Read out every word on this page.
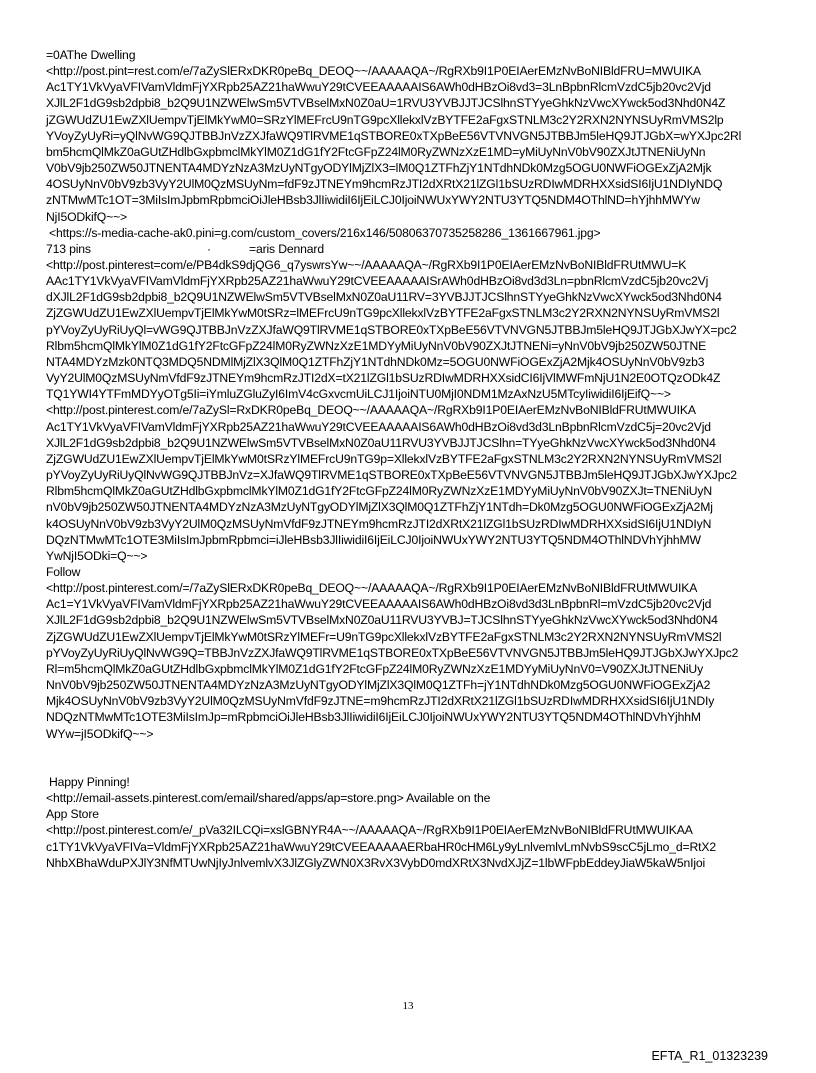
=0AThe Dwelling
<http://post.pint=rest.com/e/7aZySlERxDKR0peBq_DEOQ~~/AAAAAQA~/RgRXb9I1P0EIAerEMzNvBoNIBldFRU=MWUIKA
Ac1TY1VkVyaVFIVamVldmFjYXRpb25AZ21haWwuY29tCVEEAAAAAIS6AWh0dHBzOi8vd3=3LnBpbnRlcmVzdC5jb20vc2Vjd
XJlL2F1dG9sb2dpbi8_b2Q9U1NZWElwSm5VTVBselMxN0Z0aU=1RVU3YVBJJTJCSlhnSTYyeGhkNzVwcXYwck5od3Nhd0N4Z
jZGWUdZU1EwZXlUempvTjElMkYwM0=SRzYlMEFrcU9nTG9pcXllekxlVzBYTFE2aFgxSTNLM3c2Y2RXN2NYNSUyRmVMS2lp
YVoyZyUyRi=yQlNvWG9QJTBBJnVzZXJfaWQ9TlRVME1qSTBORE0xTXpBeE56VTVNVGN5JTBBJm5leHQ9JTJGbX=wYXJpc2Rl
bm5hcmQlMkZ0aGUtZHdlbGxpbmclMkYlM0Z1dG1fY2FtcGFpZ24lM0RyZWNzXzE1MD=yMiUyNnV0bV90ZXJtJTNENiUyNn
V0bV9jb250ZW50JTNENTA4MDYzNzA3MzUyNTgyODYlMjZlX3=lM0Q1ZTFhZjY1NTdhNDk0Mzg5OGU0NWFiOGExZjA2Mjk
4OSUyNnV0bV9zb3VyY2UlM0QzMSUyNm=fdF9zJTNEYm9hcmRzJTI2dXRtX21lZGl1bSUzRDIwMDRHXXsidSI6IjU1NDIyNDQ
zNTMwMTc1OT=3MiIsImJpbmRpbmciOiJleHBsb3JlIiwidiI6IjEiLCJ0IjoiNWUxYWY2NTU3YTQ5NDM4OThlND=hYjhhMWYw
NjI5ODkifQ~~>
<https://s-media-cache-ak0.pini=g.com/custom_covers/216x146/50806370735258286_1361667961.jpg>
713 pins	·	=aris Dennard
<http://post.pinterest=com/e/PB4dkS9djQG6_q7yswrsYw~~/AAAAAQA~/RgRXb9I1P0EIAerEMzNvBoNIBldFRUtMWU=K
AAc1TY1VkVyaVFIVamVldmFjYXRpb25AZ21haWwuY29tCVEEAAAAAISrAWh0dHBzOi8vd3d3Ln=pbnRlcmVzdC5jb20vc2Vj
dXJlL2F1dG9sb2dpbi8_b2Q9U1NZWElwSm5VTVBselMxN0Z0aU11RV=3YVBJJTJCSlhnSTYyeGhkNzVwcXYwck5od3Nhd0N4
ZjZGWUdZU1EwZXlUempvTjElMkYwM0tSRz=lMEFrcU9nTG9pcXllekxlVzBYTFE2aFgxSTNLM3c2Y2RXN2NYNSUyRmVMS2l
pYVoyZyUyRiUyQl=vWG9QJTBBJnVzZXJfaWQ9TlRVME1qSTBORE0xTXpBeE56VTVNVGN5JTBBJm5leHQ9JTJGbXJwYX=pc2
Rlbm5hcmQlMkYlM0Z1dG1fY2FtcGFpZ24lM0RyZWNzXzE1MDYyMiUyNnV0bV90ZXJtJTNENi=yNnV0bV9jb250ZW50JTNE
NTA4MDYzMzk0NTQ3MDQ5NDMlMjZlX3QlM0Q1ZTFhZjY1NTdhNDk0Mz=5OGU0NWFiOGExZjA2Mjk4OSUyNnV0bV9zb3
VyY2UlM0QzMSUyNmVfdF9zJTNEYm9hcmRzJTI2dX=tX21lZGl1bSUzRDIwMDRHXXsidCI6IjVlMWFmNjU1N2E0OTQzODk4Z
TQ1YWI4YTFmMDYyOTg5Ii=iYmluZGluZyI6ImV4cGxvcmUiLCJ1IjoiNTU0MjI0NDM1MzAxNzU5MTcyIiwidiI6IjEifQ~~>
<http://post.pinterest.com/e/7aZySl=RxDKR0peBq_DEOQ~~/AAAAAQA~/RgRXb9I1P0EIAerEMzNvBoNIBldFRUtMWUIKA
Ac1TY1VkVyaVFIVamVldmFjYXRpb25AZ21haWwuY29tCVEEAAAAAIS6AWh0dHBzOi8vd3d3LnBpbnRlcmVzdC5j=20vc2Vjd
XJlL2F1dG9sb2dpbi8_b2Q9U1NZWElwSm5VTVBselMxN0Z0aU11RVU3YVBJJTJCSlhn=TYyeGhkNzVwcXYwck5od3Nhd0N4
ZjZGWUdZU1EwZXlUempvTjElMkYwM0tSRzYlMEFrcU9nTG9p=XllekxlVzBYTFE2aFgxSTNLM3c2Y2RXN2NYNSUyRmVMS2l
pYVoyZyUyRiUyQlNvWG9QJTBBJnVz=XJfaWQ9TlRVME1qSTBORE0xTXpBeE56VTVNVGN5JTBBJm5leHQ9JTJGbXJwYXJpc2
Rlbm5hcmQlMkZ0aGUtZHdlbGxpbmclMkYlM0Z1dG1fY2FtcGFpZ24lM0RyZWNzXzE1MDYyMiUyNnV0bV90ZXJt=TNENiUyN
nV0bV9jb250ZW50JTNENTA4MDYzNzA3MzUyNTgyODYlMjZlX3QlM0Q1ZTFhZjY1NTdh=Dk0Mzg5OGU0NWFiOGExZjA2Mj
k4OSUyNnV0bV9zb3VyY2UlM0QzMSUyNmVfdF9zJTNEYm9hcmRzJTI2dXRtX21lZGl1bSUzRDIwMDRHXXsidSI6IjU1NDIyN
DQzNTMwMTc1OTE3MiIsImJpbmRpbmci=iJleHBsb3JlIiwidiI6IjEiLCJ0IjoiNWUxYWY2NTU3YTQ5NDM4OThlNDVhYjhhMW
YwNjI5ODki=Q~~>
Follow
<http://post.pinterest.com/=/7aZySlERxDKR0peBq_DEOQ~~/AAAAAQA~/RgRXb9I1P0EIAerEMzNvBoNIBldFRUtMWUIKA
Ac1=Y1VkVyaVFIVamVldmFjYXRpb25AZ21haWwuY29tCVEEAAAAAIS6AWh0dHBzOi8vd3d3LnBpbnRl=mVzdC5jb20vc2Vjd
XJlL2F1dG9sb2dpbi8_b2Q9U1NZWElwSm5VTVBselMxN0Z0aU11RVU3YVBJ=TJCSlhnSTYyeGhkNzVwcXYwck5od3Nhd0N4
ZjZGWUdZU1EwZXlUempvTjElMkYwM0tSRzYlMEFr=U9nTG9pcXllekxlVzBYTFE2aFgxSTNLM3c2Y2RXN2NYNSUyRmVMS2l
pYVoyZyUyRiUyQlNvWG9Q=TBBJnVzZXJfaWQ9TlRVME1qSTBORE0xTXpBeE56VTVNVGN5JTBBJm5leHQ9JTJGbXJwYXJpc2
Rl=m5hcmQlMkZ0aGUtZHdlbGxpbmclMkYlM0Z1dG1fY2FtcGFpZ24lM0RyZWNzXzE1MDYyMiUyNnV0=V90ZXJtJTNENiUy
NnV0bV9jb250ZW50JTNENTA4MDYzNzA3MzUyNTgyODYlMjZlX3QlM0Q1ZTFh=jY1NTdhNDk0Mzg5OGU0NWFiOGExZjA2
Mjk4OSUyNnV0bV9zb3VyY2UlM0QzMSUyNmVfdF9zJTNE=m9hcmRzJTI2dXRtX21lZGl1bSUzRDIwMDRHXXsidSI6IjU1NDIy
NDQzNTMwMTc1OTE3MiIsImJp=mRpbmciOiJleHBsb3JlIiwidiI6IjEiLCJ0IjoiNWUxYWY2NTU3YTQ5NDM4OThlNDVhYjhhM
WYw=jI5ODkifQ~~>
Happy Pinning!
<http://email-assets.pinterest.com/email/shared/apps/ap=store.png> Available on the
App Store
<http://post.pinterest.com/e/_pVa32ILCQi=xslGBNYR4A~~/AAAAAQA~/RgRXb9I1P0EIAerEMzNvBoNIBldFRUtMWUIKAA
c1TY1VkVyaVFIVa=VldmFjYXRpb25AZ21haWwuY29tCVEEAAAAAERbaHR0cHM6Ly9yLnlvemlvLmNvbS9scC5jLmo_d=RtX2
NhbXBhaWduPXJlY3NfMTUwNjIyJnlvemlvX3JlZGlyZWN0X3RvX3VybD0mdXRtX3NvdXJjZ=1lbWFpbEddeyJiaW5kaW5nIjoi
13
EFTA_R1_01323239
